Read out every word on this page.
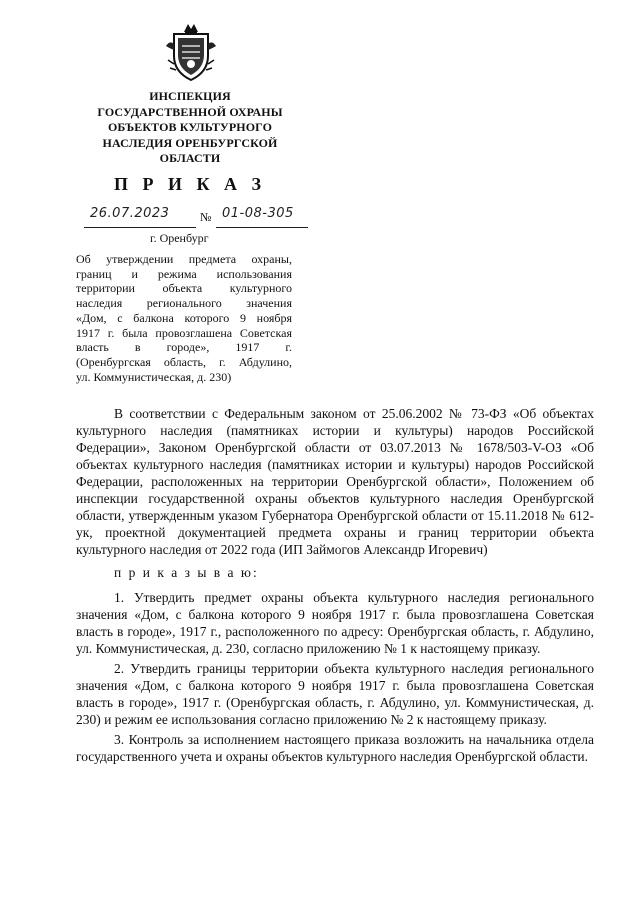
ИНСПЕКЦИЯ
ГОСУДАРСТВЕННОЙ ОХРАНЫ
ОБЪЕКТОВ КУЛЬТУРНОГО
НАСЛЕДИЯ ОРЕНБУРГСКОЙ
ОБЛАСТИ
П Р И К А З
26.07.2023	№ 01-08-305
г. Оренбург
Об утверждении предмета охраны,
границ и режима использования
территории объекта культурного
наследия регионального значения
«Дом, с балкона которого 9 ноября
1917 г. была провозглашена Советская
власть в городе», 1917 г.
(Оренбургская область, г. Абдулино,
ул. Коммунистическая, д. 230)

В соответствии с Федеральным законом от 25.06.2002 № 73-ФЗ «Об объектах культурного наследия (памятниках истории и культуры) народов Российской Федерации», Законом Оренбургской области от 03.07.2013 № 1678/503-V-ОЗ «Об объектах культурного наследия (памятниках истории и культуры) народов Российской Федерации, расположенных на территории Оренбургской области», Положением об инспекции государственной охраны объектов культурного наследия Оренбургской области, утвержденным указом Губернатора Оренбургской области от 15.11.2018 № 612-ук, проектной документацией предмета охраны и границ территории объекта культурного наследия от 2022 года (ИП Займогов Александр Игоревич)

п р и к а з ы в а ю:

1. Утвердить предмет охраны объекта культурного наследия регионального значения «Дом, с балкона которого 9 ноября 1917 г. была провозглашена Советская власть в городе», 1917 г., расположенного по адресу: Оренбургская область, г. Абдулино, ул. Коммунистическая, д. 230, согласно приложению № 1 к настоящему приказу.

2. Утвердить границы территории объекта культурного наследия регионального значения «Дом, с балкона которого 9 ноября 1917 г. была провозглашена Советская власть в городе», 1917 г. (Оренбургская область, г. Абдулино, ул. Коммунистическая, д. 230) и режим ее использования согласно приложению № 2 к настоящему приказу.

3. Контроль за исполнением настоящего приказа возложить на начальника отдела государственного учета и охраны объектов культурного наследия Оренбургской области.
